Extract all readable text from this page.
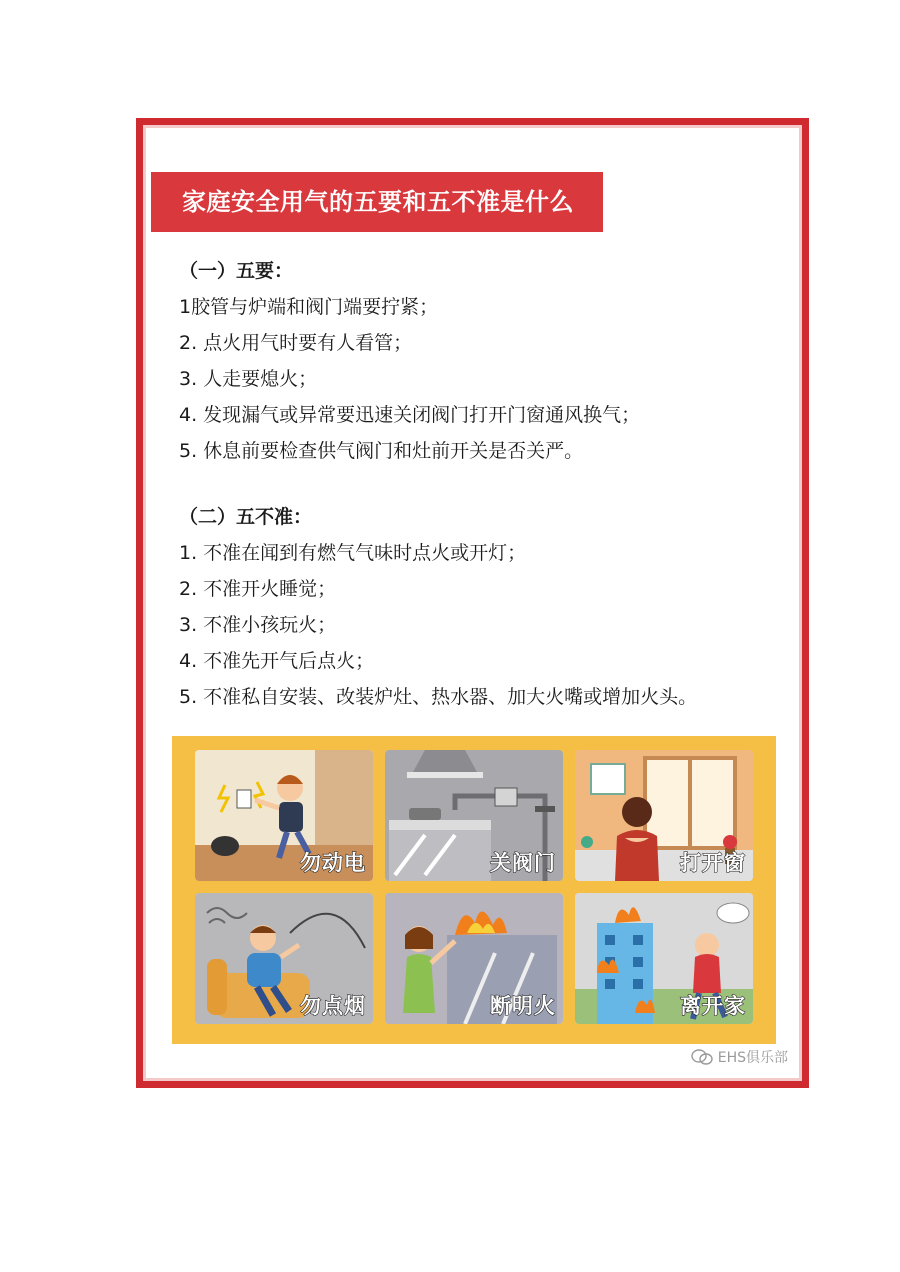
家庭安全用气的五要和五不准是什么
（一）五要：
1胶管与炉端和阀门端要拧紧；
2. 点火用气时要有人看管；
3. 人走要熄火；
4. 发现漏气或异常要迅速关闭阀门打开门窗通风换气；
5. 休息前要检查供气阀门和灶前开关是否关严。
（二）五不准：
1. 不准在闻到有燃气气味时点火或开灯；
2. 不准开火睡觉；
3. 不准小孩玩火；
4. 不准先开气后点火；
5. 不准私自安装、改装炉灶、热水器、加大火嘴或增加火头。
勿动电	关阀门	打开窗
勿点烟	断明火	离开家
EHS俱乐部
